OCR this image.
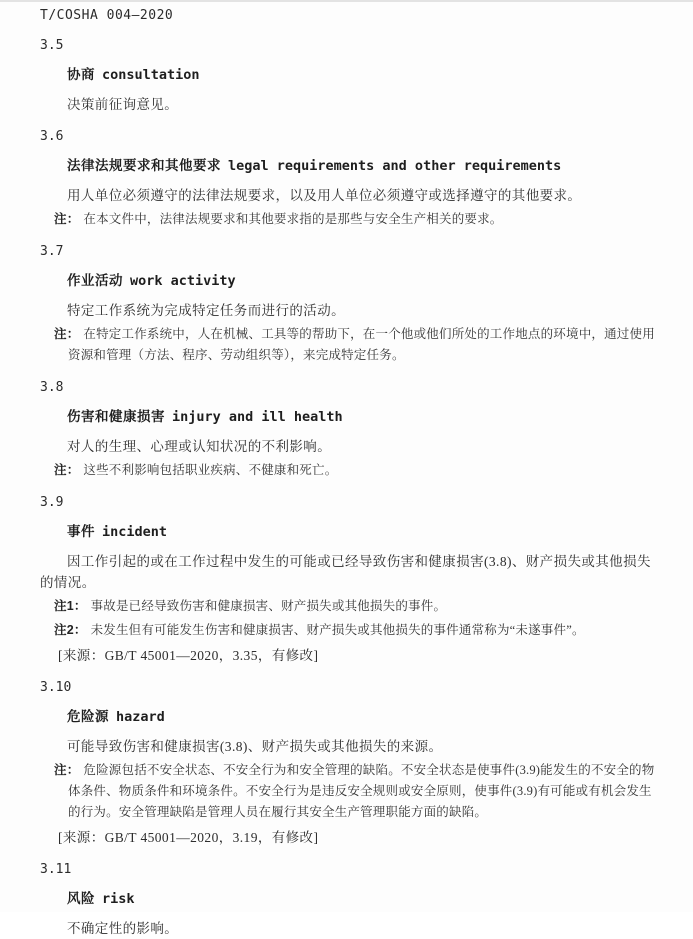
T/COSHA 004—2020
3.5
协商 consultation

决策前征询意见。

3.6
法律法规要求和其他要求 legal requirements and other requirements

用人单位必须遵守的法律法规要求，以及用人单位必须遵守或选择遵守的其他要求。

注： 在本文件中，法律法规要求和其他要求指的是那些与安全生产相关的要求。

3.7
作业活动 work activity

特定工作系统为完成特定任务而进行的活动。

注： 在特定工作系统中，人在机械、工具等的帮助下，在一个他或他们所处的工作地点的环境中，通过使用资源和管理（方法、程序、劳动组织等），来完成特定任务。

3.8
伤害和健康损害 injury and ill health

对人的生理、心理或认知状况的不利影响。

注： 这些不利影响包括职业疾病、不健康和死亡。

3.9
事件 incident

因工作引起的或在工作过程中发生的可能或已经导致伤害和健康损害(3.8)、财产损失或其他损失的情况。

注1： 事故是已经导致伤害和健康损害、财产损失或其他损失的事件。

注2： 未发生但有可能发生伤害和健康损害、财产损失或其他损失的事件通常称为“未遂事件”。

[来源：GB/T 45001—2020，3.35，有修改]

3.10
危险源 hazard

可能导致伤害和健康损害(3.8)、财产损失或其他损失的来源。

注： 危险源包括不安全状态、不安全行为和安全管理的缺陷。不安全状态是使事件(3.9)能发生的不安全的物体条件、物质条件和环境条件。不安全行为是违反安全规则或安全原则，使事件(3.9)有可能或有机会发生的行为。安全管理缺陷是管理人员在履行其安全生产管理职能方面的缺陷。

[来源：GB/T 45001—2020，3.19，有修改]

3.11
风险 risk

不确定性的影响。
